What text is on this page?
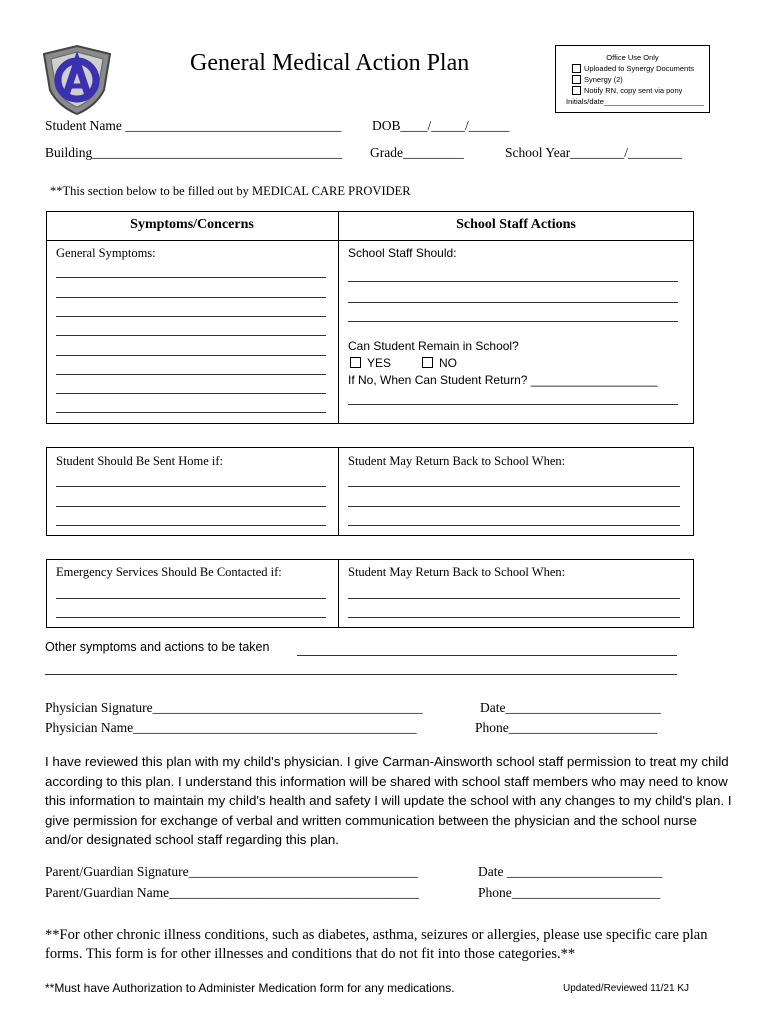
General Medical Action Plan	Office Use Only
Uploaded to Synergy Documents
Synergy (2)
Notify RN, copy sent via pony
Initials/date________________________
Student Name ________________________________ DOB____/_____/______
Building_____________________________________ Grade_________	School Year________/________
**This section below to be filled out by MEDICAL CARE PROVIDER
Symptoms/Concerns	School Staff Actions
General Symptoms:	School Staff Should:
Can Student Remain in School?
YES	NO
If No, When Can Student Return? ___________________
Student Should Be Sent Home if:	Student May Return Back to School When:
Emergency Services Should Be Contacted if:	Student May Return Back to School When:
Other symptoms and actions to be taken
Physician Signature________________________________________	Date_______________________
Physician Name__________________________________________	Phone______________________
I have reviewed this plan with my child's physician. I give Carman-Ainsworth school staff permission to treat my child according to this plan. I understand this information will be shared with school staff members who may need to know this information to maintain my child's health and safety I will update the school with any changes to my child's plan. I give permission for exchange of verbal and written communication between the physician and the school nurse and/or designated school staff regarding this plan.
Parent/Guardian Signature__________________________________	Date _______________________
Parent/Guardian Name_____________________________________	Phone______________________
**For other chronic illness conditions, such as diabetes, asthma, seizures or allergies, please use specific care plan forms. This form is for other illnesses and conditions that do not fit into those categories.**
**Must have Authorization to Administer Medication form for any medications.	Updated/Reviewed 11/21 KJ
